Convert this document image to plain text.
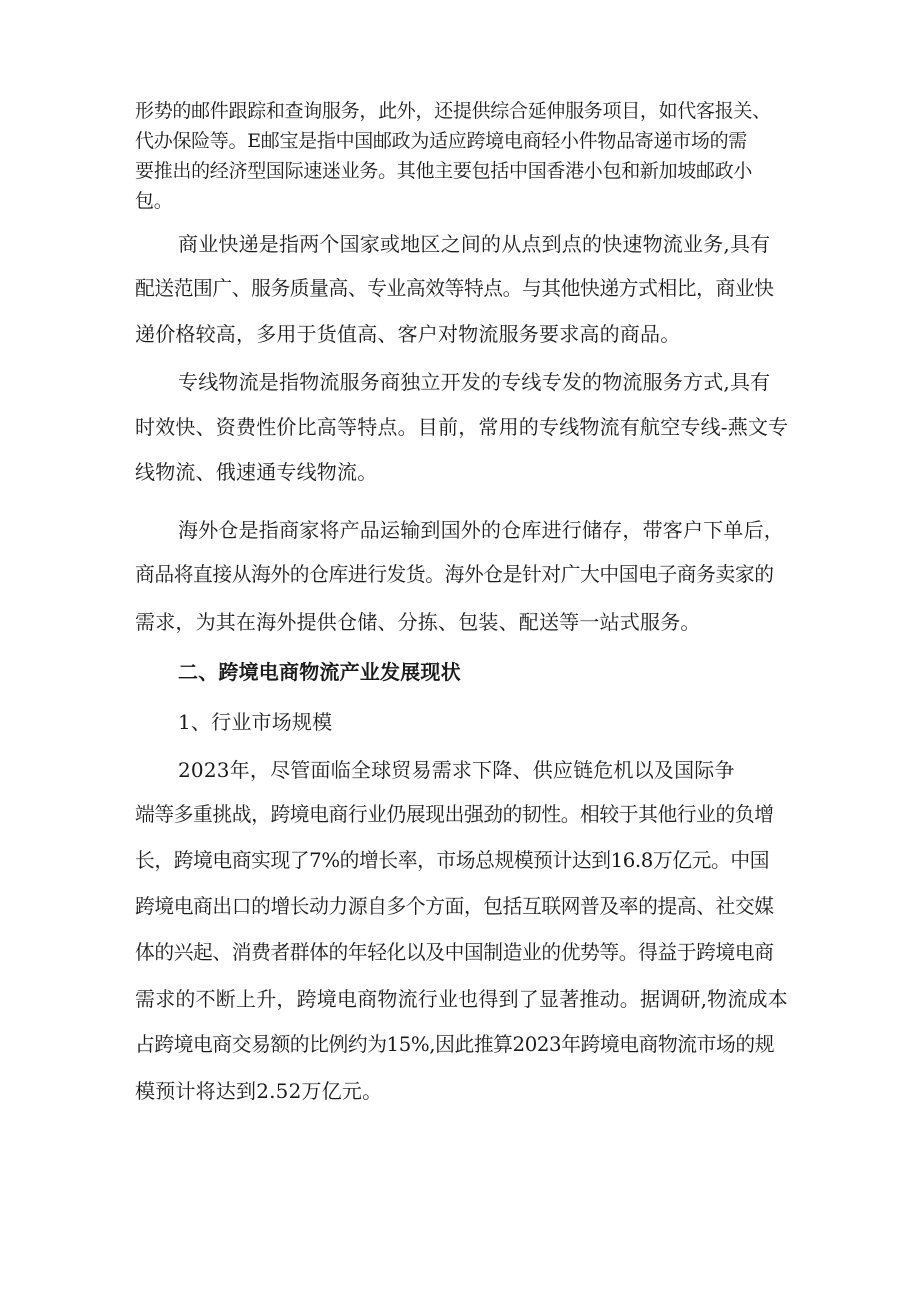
形势的邮件跟踪和查询服务，此外，还提供综合延伸服务项目，如代客报关、
代办保险等。E邮宝是指中国邮政为适应跨境电商轻小件物品寄递市场的需
要推出的经济型国际速迷业务。其他主要包括中国香港小包和新加坡邮政小
包。
商业快递是指两个国家或地区之间的从点到点的快速物流业务,具有
配送范围广、服务质量高、专业高效等特点。与其他快递方式相比，商业快
递价格较高，多用于货值高、客户对物流服务要求高的商品。
专线物流是指物流服务商独立开发的专线专发的物流服务方式,具有
时效快、资费性价比高等特点。目前，常用的专线物流有航空专线-燕文专
线物流、俄速通专线物流。
海外仓是指商家将产品运输到国外的仓库进行储存，带客户下单后，
商品将直接从海外的仓库进行发货。海外仓是针对广大中国电子商务卖家的
需求，为其在海外提供仓储、分拣、包装、配送等一站式服务。
二、跨境电商物流产业发展现状
1、行业市场规模
2023年，尽管面临全球贸易需求下降、供应链危机以及国际争
端等多重挑战，跨境电商行业仍展现出强劲的韧性。相较于其他行业的负增
长，跨境电商实现了7%的增长率，市场总规模预计达到16.8万亿元。中国
跨境电商出口的增长动力源自多个方面，包括互联网普及率的提高、社交媒
体的兴起、消费者群体的年轻化以及中国制造业的优势等。得益于跨境电商
需求的不断上升，跨境电商物流行业也得到了显著推动。据调研,物流成本
占跨境电商交易额的比例约为15%,因此推算2023年跨境电商物流市场的规
模预计将达到2.52万亿元。
